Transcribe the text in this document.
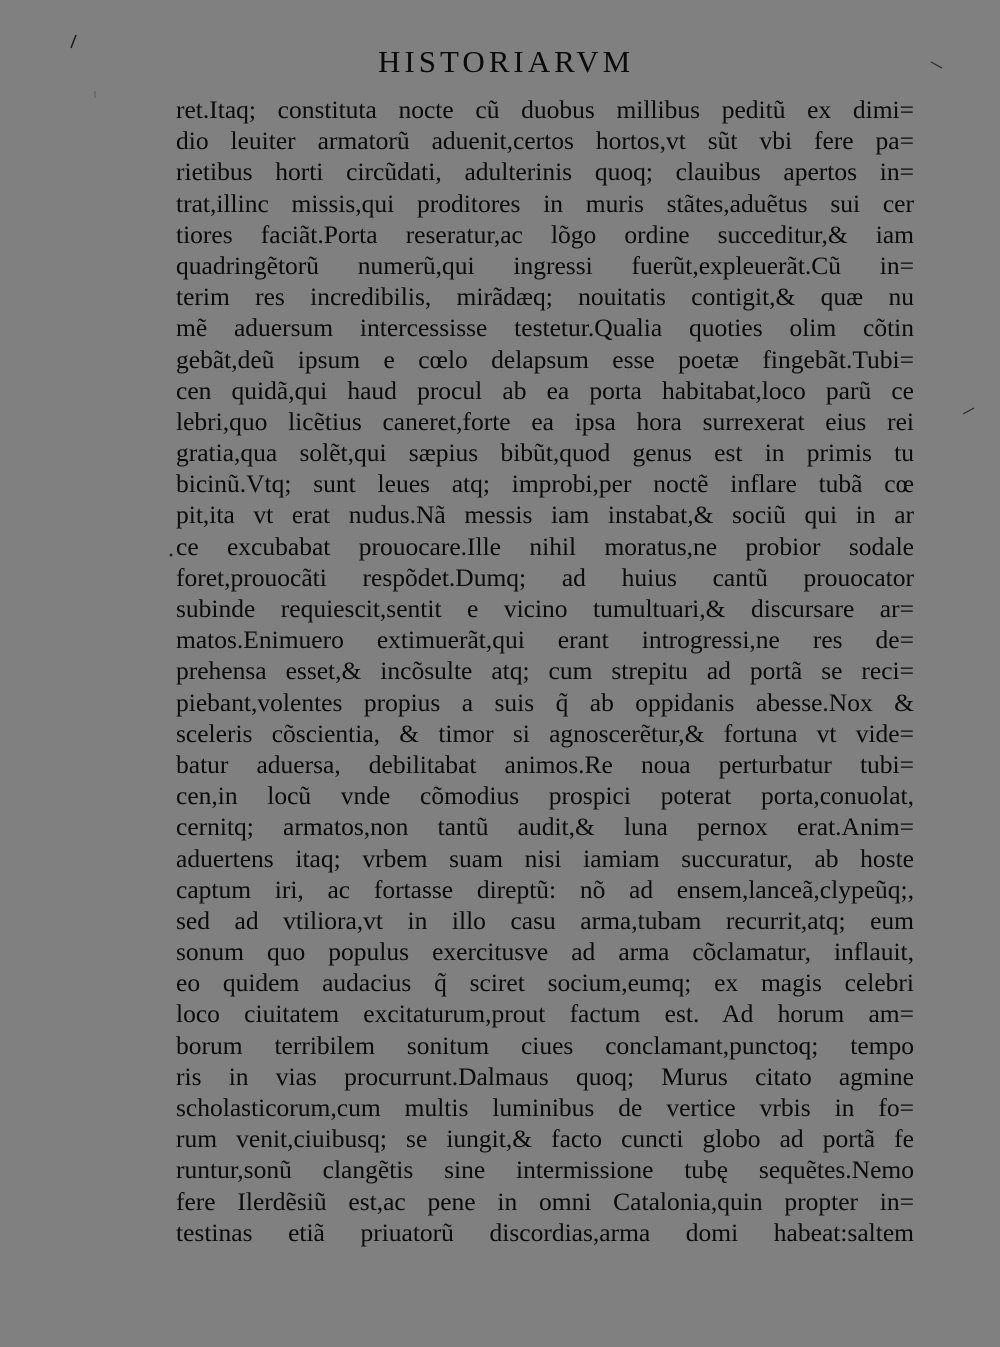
HISTORIARVM
ret.Itaq; constituta nocte cũ duobus millibus peditũ ex dimi=
dio leuiter armatorũ aduenit,certos hortos,vt sũt vbi fere pa=
rietibus horti circũdati, adulterinis quoq; clauibus apertos in=
trat,illinc missis,qui proditores in muris stãtes,aduẽtus sui cer
tiores faciãt.Porta reseratur,ac lõgo ordine succeditur,& iam
quadringẽtorũ numerũ,qui ingressi fuerũt,expleuerãt.Cũ in=
terim res incredibilis, mirãdæq; nouitatis contigit,& quæ nu
mẽ aduersum intercessisse testetur.Qualia quoties olim cõtin
gebãt,deũ ipsum e cœlo delapsum esse poetæ fingebãt.Tubi=
cen quidã,qui haud procul ab ea porta habitabat,loco parũ ce
lebri,quo licẽtius caneret,forte ea ipsa hora surrexerat eius rei
gratia,qua solẽt,qui sæpius bibũt,quod genus est in primis tu
bicinũ.Vtq; sunt leues atq; improbi,per noctẽ inflare tubã cœ
pit,ita vt erat nudus.Nã messis iam instabat,& sociũ qui in ar
ce excubabat prouocare.Ille nihil moratus,ne probior sodale
foret,prouocãti respõdet.Dumq; ad huius cantũ prouocator
subinde requiescit,sentit e vicino tumultuari,& discursare ar=
matos.Enimuero extimuerãt,qui erant introgressi,ne res de=
prehensa esset,& incõsulte atq; cum strepitu ad portã se reci=
piebant,volentes propius a suis q̃ ab oppidanis abesse.Nox &
sceleris cõscientia, & timor si agnoscerẽtur,& fortuna vt vide=
batur aduersa, debilitabat animos.Re noua perturbatur tubi=
cen,in locũ vnde cõmodius prospici poterat porta,conuolat,
cernitq; armatos,non tantũ audit,& luna pernox erat.Anim=
aduertens itaq; vrbem suam nisi iamiam succuratur, ab hoste
captum iri, ac fortasse direptũ: nõ ad ensem,lanceã,clypeũq;,
sed ad vtiliora,vt in illo casu arma,tubam recurrit,atq; eum
sonum quo populus exercitusve ad arma cõclamatur, inflauit,
eo quidem audacius q̃ sciret socium,eumq; ex magis celebri
loco ciuitatem excitaturum,prout factum est. Ad horum am=
borum terribilem sonitum ciues conclamant,punctoq; tempo
ris in vias procurrunt.Dalmaus quoq; Murus citato agmine
scholasticorum,cum multis luminibus de vertice vrbis in fo=
rum venit,ciuibusq; se iungit,& facto cuncti globo ad portã fe
runtur,sonũ clangẽtis sine intermissione tubę sequẽtes.Nemo
fere Ilerdẽsiũ est,ac pene in omni Catalonia,quin propter in=
testinas etiã priuatorũ discordias,arma domi habeat:saltem
